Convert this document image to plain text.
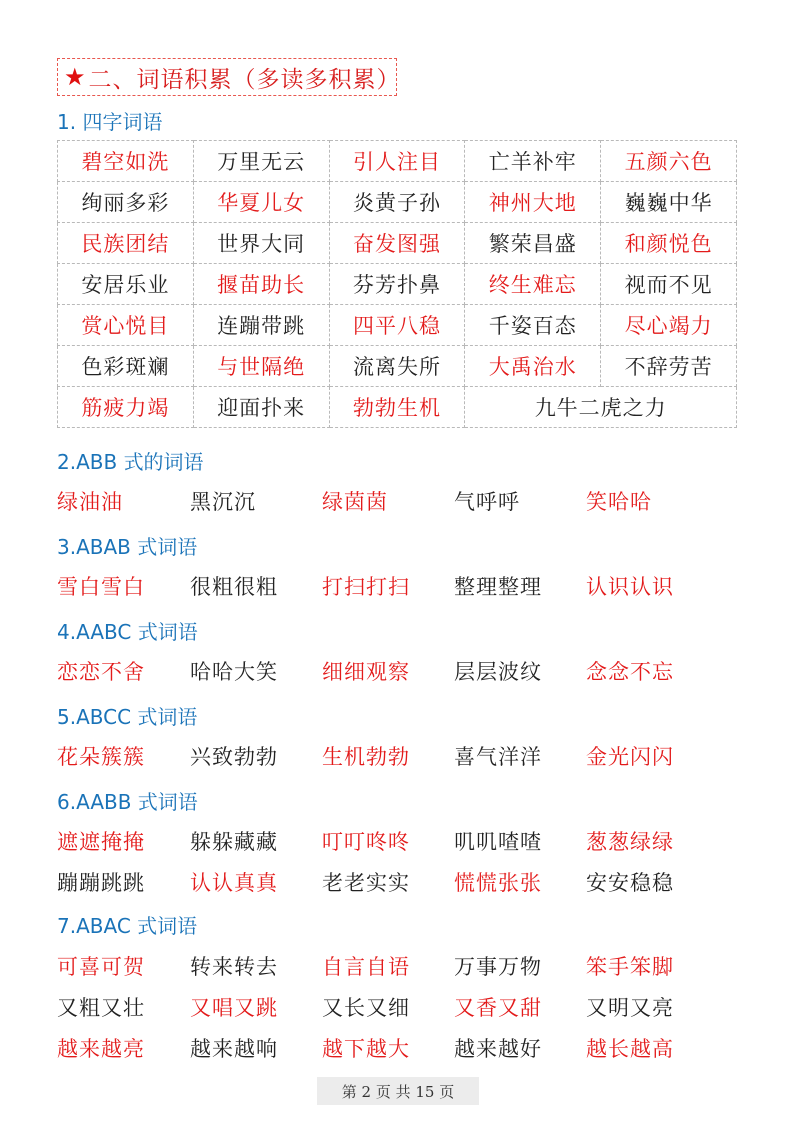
★ 二、词语积累（多读多积累）
1. 四字词语
碧空如洗	万里无云	引人注目	亡羊补牢	五颜六色
绚丽多彩	华夏儿女	炎黄子孙	神州大地	巍巍中华
民族团结	世界大同	奋发图强	繁荣昌盛	和颜悦色
安居乐业	揠苗助长	芬芳扑鼻	终生难忘	视而不见
赏心悦目	连蹦带跳	四平八稳	千姿百态	尽心竭力
色彩斑斓	与世隔绝	流离失所	大禹治水	不辞劳苦
筋疲力竭	迎面扑来	勃勃生机	九牛二虎之力	
2.ABB 式的词语
绿油油	黑沉沉	绿茵茵	气呼呼	笑哈哈
3.ABAB 式词语
雪白雪白 很粗很粗 打扫打扫 整理整理 认识认识
4.AABC 式词语
恋恋不舍 哈哈大笑 细细观察 层层波纹 念念不忘
5.ABCC 式词语
花朵簇簇 兴致勃勃 生机勃勃 喜气洋洋 金光闪闪
6.AABB 式词语
遮遮掩掩 躲躲藏藏 叮叮咚咚 叽叽喳喳 葱葱绿绿
蹦蹦跳跳 认认真真 老老实实 慌慌张张 安安稳稳
7.ABAC 式词语
可喜可贺 转来转去 自言自语 万事万物 笨手笨脚
又粗又壮 又唱又跳 又长又细 又香又甜 又明又亮
越来越亮 越来越响 越下越大 越来越好 越长越高
第 2 页 共 15 页
